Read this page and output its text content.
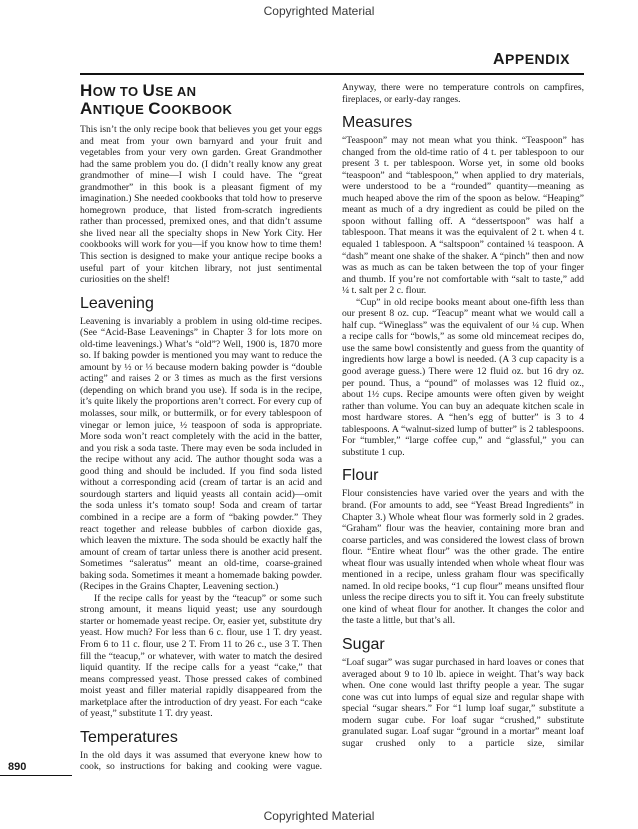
Copyrighted Material
APPENDIX
HOW TO USE AN
ANTIQUE COOKBOOK

This isn’t the only recipe book that believes you get your eggs and meat from your own barnyard and your fruit and vegetables from your very own garden. Great Grandmother had the same problem you do. (I didn’t really know any great grandmother of mine—I wish I could have. The “great grandmother” in this book is a pleasant figment of my imagination.) She needed cookbooks that told how to preserve homegrown produce, that listed from-scratch ingredients rather than processed, premixed ones, and that didn’t assume she lived near all the specialty shops in New York City. Her cookbooks will work for you—if you know how to time them! This section is designed to make your antique recipe books a useful part of your kitchen library, not just sentimental curiosities on the shelf!

Leavening

Leavening is invariably a problem in using old-time recipes. (See “Acid-Base Leavenings” in Chapter 3 for lots more on old-time leavenings.) What’s “old”? Well, 1900 is, 1870 more so. If baking powder is mentioned you may want to reduce the amount by ½ or ⅓ because modern baking powder is “double acting” and raises 2 or 3 times as much as the first versions (depending on which brand you use). If soda is in the recipe, it’s quite likely the proportions aren’t correct. For every cup of molasses, sour milk, or buttermilk, or for every tablespoon of vinegar or lemon juice, ½ teaspoon of soda is appropriate. More soda won’t react completely with the acid in the batter, and you risk a soda taste. There may even be soda included in the recipe without any acid. The author thought soda was a good thing and should be included. If you find soda listed without a corresponding acid (cream of tartar is an acid and sourdough starters and liquid yeasts all contain acid)—omit the soda unless it’s tomato soup! Soda and cream of tartar combined in a recipe are a form of “baking powder.” They react together and release bubbles of carbon dioxide gas, which leaven the mixture. The soda should be exactly half the amount of cream of tartar unless there is another acid present. Sometimes “saleratus” meant an old-time, coarse-grained baking soda. Sometimes it meant a homemade baking powder. (Recipes in the Grains Chapter, Leavening section.)

If the recipe calls for yeast by the “teacup” or some such strong amount, it means liquid yeast; use any sourdough starter or homemade yeast recipe. Or, easier yet, substitute dry yeast. How much? For less than 6 c. flour, use 1 T. dry yeast. From 6 to 11 c. flour, use 2 T. From 11 to 26 c., use 3 T. Then fill the “teacup,” or whatever, with water to match the desired liquid quantity. If the recipe calls for a yeast “cake,” that means compressed yeast. Those pressed cakes of combined moist yeast and filler material rapidly disappeared from the marketplace after the introduction of dry yeast. For each “cake of yeast,” substitute 1 T. dry yeast.

Temperatures

In the old days it was assumed that everyone knew how to cook, so instructions for baking and cooking were vague.

Anyway, there were no temperature controls on campfires, fireplaces, or early-day ranges.

Measures

“Teaspoon” may not mean what you think. “Teaspoon” has changed from the old-time ratio of 4 t. per tablespoon to our present 3 t. per tablespoon. Worse yet, in some old books “teaspoon” and “tablespoon,” when applied to dry materials, were understood to be a “rounded” quantity—meaning as much heaped above the rim of the spoon as below. “Heaping” meant as much of a dry ingredient as could be piled on the spoon without falling off. A “dessertspoon” was half a tablespoon. That means it was the equivalent of 2 t. when 4 t. equaled 1 tablespoon. A “saltspoon” contained ¼ teaspoon. A “dash” meant one shake of the shaker. A “pinch” then and now was as much as can be taken between the top of your finger and thumb. If you’re not comfortable with “salt to taste,” add ¼ t. salt per 2 c. flour.

“Cup” in old recipe books meant about one-fifth less than our present 8 oz. cup. “Teacup” meant what we would call a half cup. “Wineglass” was the equivalent of our ¼ cup. When a recipe calls for “bowls,” as some old mincemeat recipes do, use the same bowl consistently and guess from the quantity of ingredients how large a bowl is needed. (A 3 cup capacity is a good average guess.) There were 12 fluid oz. but 16 dry oz. per pound. Thus, a “pound” of molasses was 12 fluid oz., about 1½ cups. Recipe amounts were often given by weight rather than volume. You can buy an adequate kitchen scale in most hardware stores. A “hen’s egg of butter” is 3 to 4 tablespoons. A “walnut-sized lump of butter” is 2 tablespoons. For “tumbler,” “large coffee cup,” and “glassful,” you can substitute 1 cup.

Flour

Flour consistencies have varied over the years and with the brand. (For amounts to add, see “Yeast Bread Ingredients” in Chapter 3.) Whole wheat flour was formerly sold in 2 grades. “Graham” flour was the heavier, containing more bran and coarse particles, and was considered the lowest class of brown flour. “Entire wheat flour” was the other grade. The entire wheat flour was usually intended when whole wheat flour was mentioned in a recipe, unless graham flour was specifically named. In old recipe books, “1 cup flour” means unsifted flour unless the recipe directs you to sift it. You can freely substitute one kind of wheat flour for another. It changes the color and the taste a little, but that’s all.

Sugar

“Loaf sugar” was sugar purchased in hard loaves or cones that averaged about 9 to 10 lb. apiece in weight. That’s way back when. One cone would last thrifty people a year. The sugar cone was cut into lumps of equal size and regular shape with special “sugar shears.” For “1 lump loaf sugar,” substitute a modern sugar cube. For loaf sugar “crushed,” substitute granulated sugar. Loaf sugar “ground in a mortar” meant loaf sugar crushed only to a particle size, similar

890
Copyrighted Material
